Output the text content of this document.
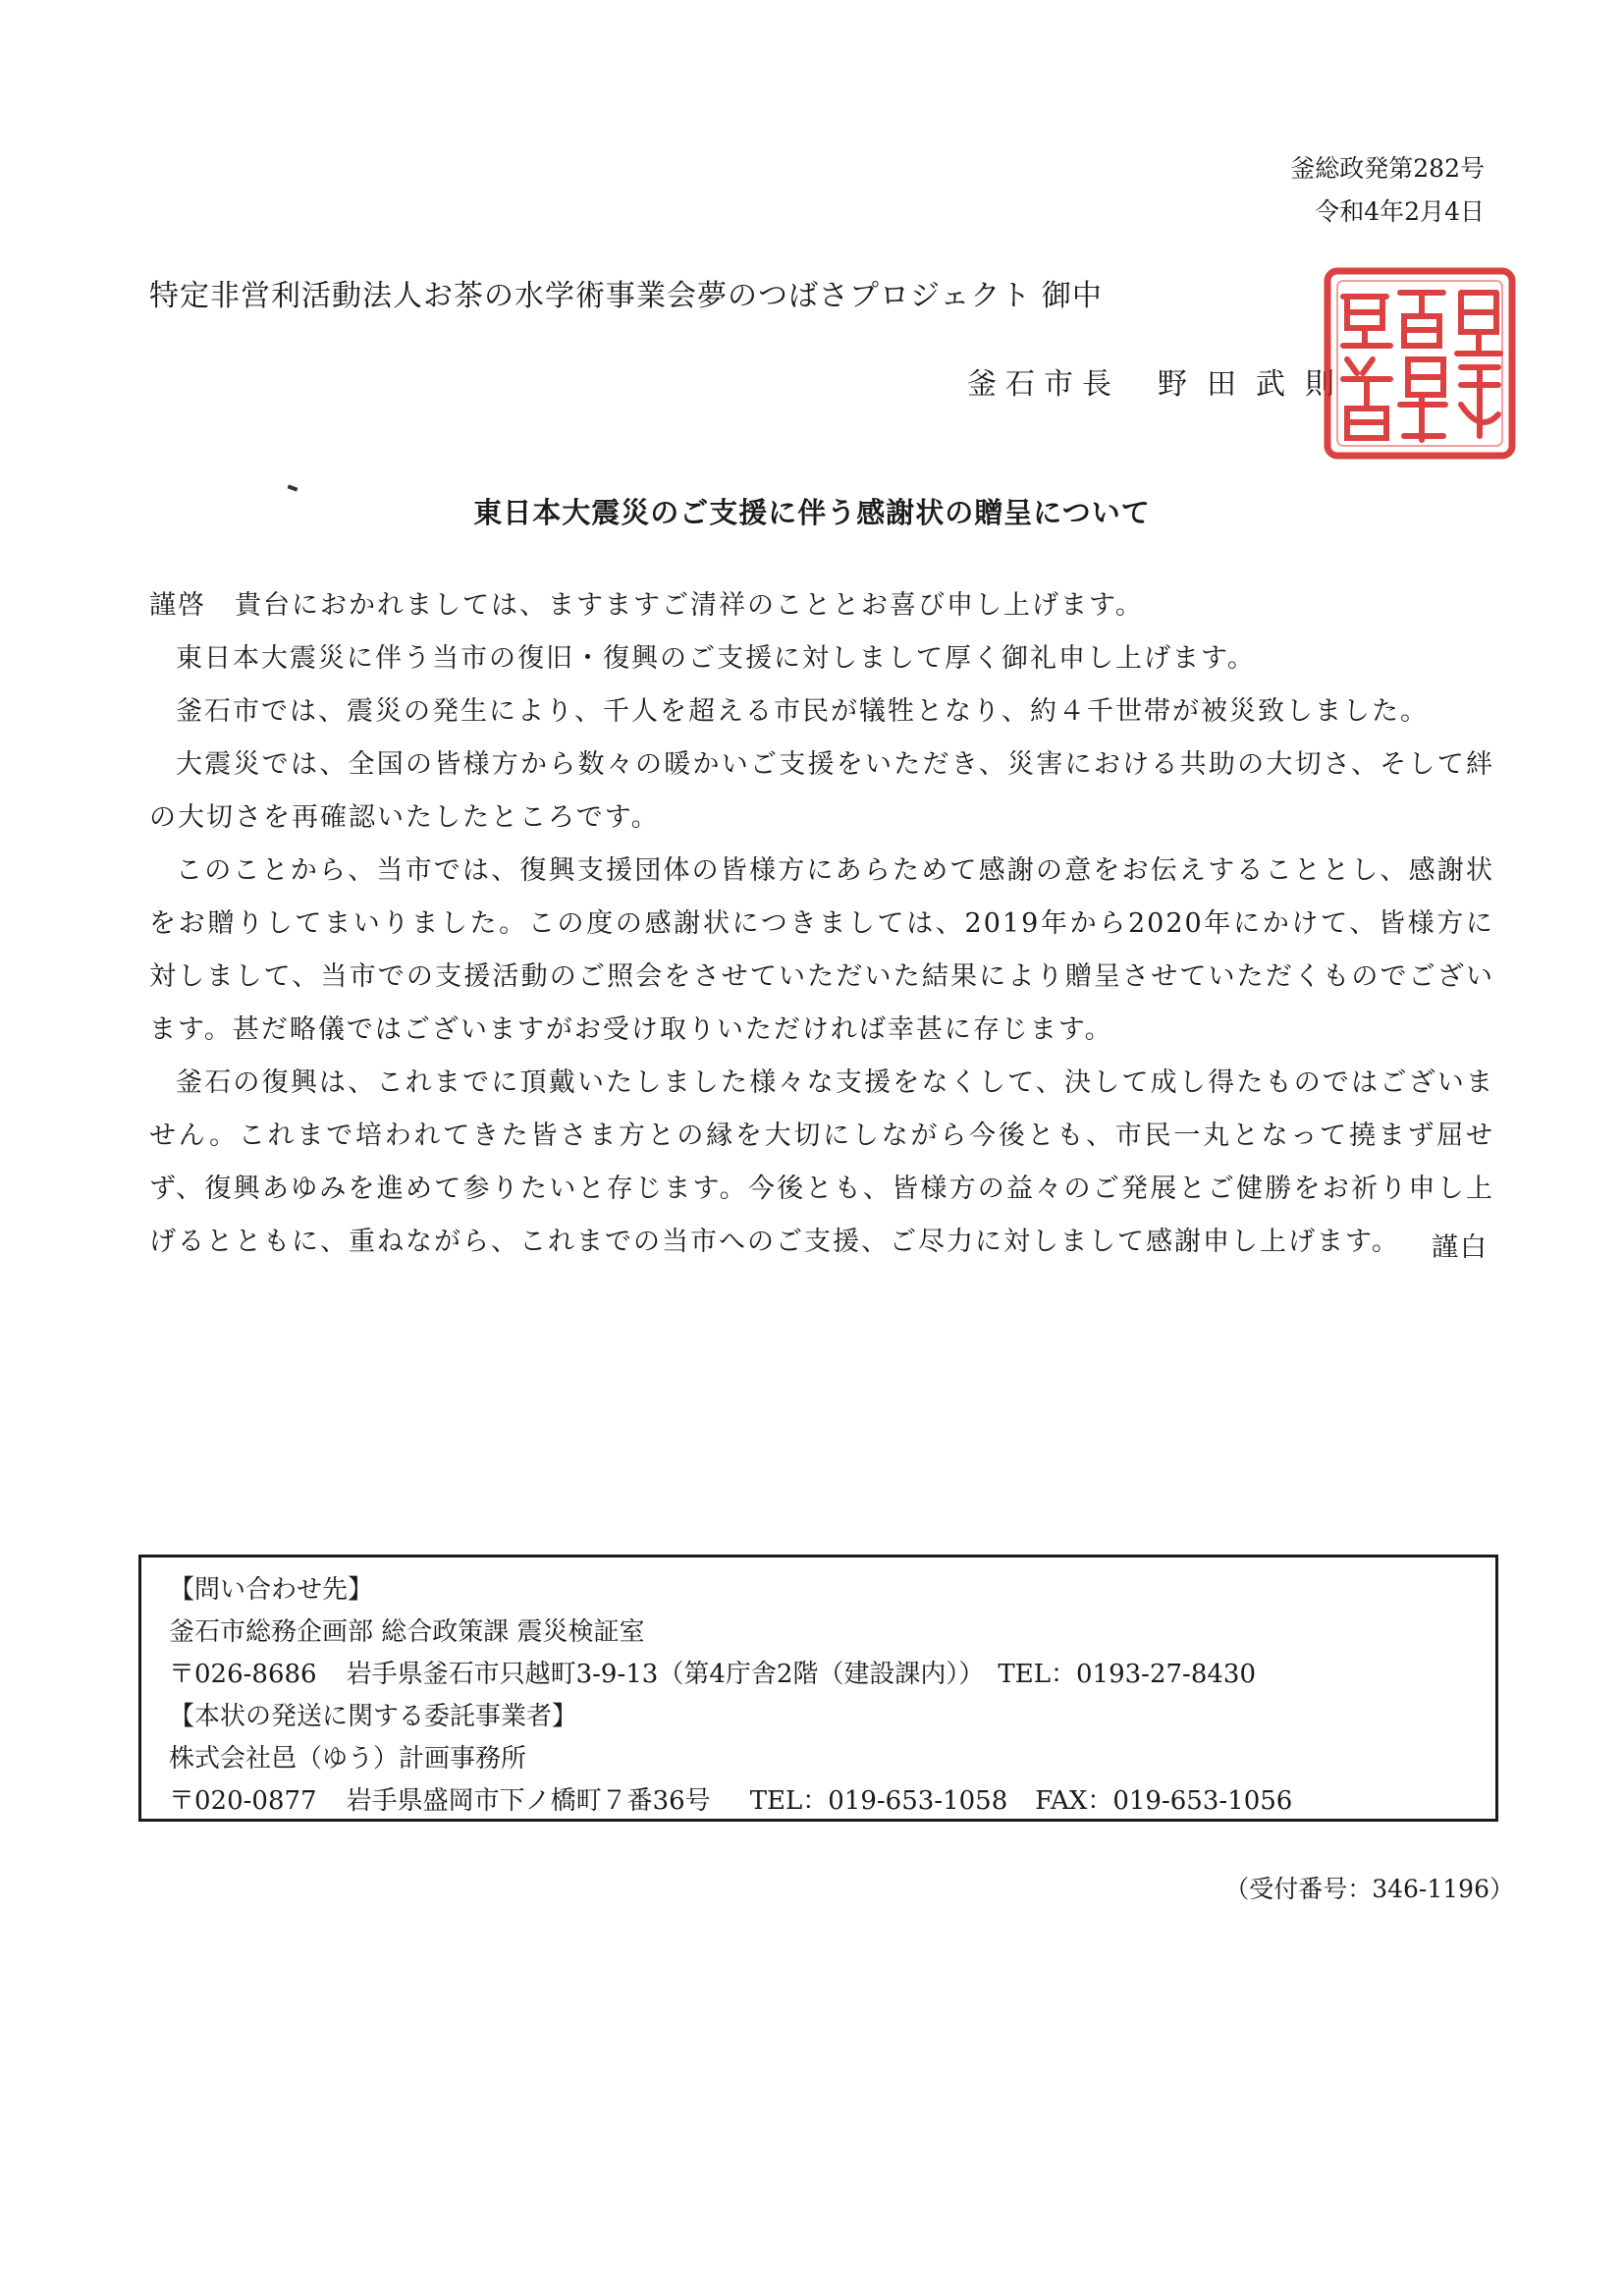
釜総政発第282号
令和4年2月4日
特定非営利活動法人お茶の水学術事業会夢のつばさプロジェクト 御中
釜石市長 野田武則
東日本大震災のご支援に伴う感謝状の贈呈について

謹啓　貴台におかれましては、ますますご清祥のこととお喜び申し上げます。

東日本大震災に伴う当市の復旧・復興のご支援に対しまして厚く御礼申し上げます。

釜石市では、震災の発生により、千人を超える市民が犠牲となり、約４千世帯が被災致しました。

大震災では、全国の皆様方から数々の暖かいご支援をいただき、災害における共助の大切さ、そして絆の大切さを再確認いたしたところです。

このことから、当市では、復興支援団体の皆様方にあらためて感謝の意をお伝えすることとし、感謝状をお贈りしてまいりました。この度の感謝状につきましては、2019年から2020年にかけて、皆様方に対しまして、当市での支援活動のご照会をさせていただいた結果により贈呈させていただくものでございます。甚だ略儀ではございますがお受け取りいただければ幸甚に存じます。

釜石の復興は、これまでに頂戴いたしました様々な支援をなくして、決して成し得たものではございません。これまで培われてきた皆さま方との縁を大切にしながら今後とも、市民一丸となって撓まず屈せず、復興あゆみを進めて参りたいと存じます。今後とも、皆様方の益々のご発展とご健勝をお祈り申し上げるとともに、重ねながら、これまでの当市へのご支援、ご尽力に対しまして感謝申し上げます。	謹白
【問い合わせ先】
釜石市総務企画部 総合政策課 震災検証室
〒026-8686 岩手県釜石市只越町3-9-13（第4庁舎2階（建設課内）） TEL：0193-27-8430
【本状の発送に関する委託事業者】
株式会社邑（ゆう）計画事務所
〒020-0877 岩手県盛岡市下ノ橋町７番36号 TEL：019-653-1058 FAX：019-653-1056
（受付番号：346-1196）
